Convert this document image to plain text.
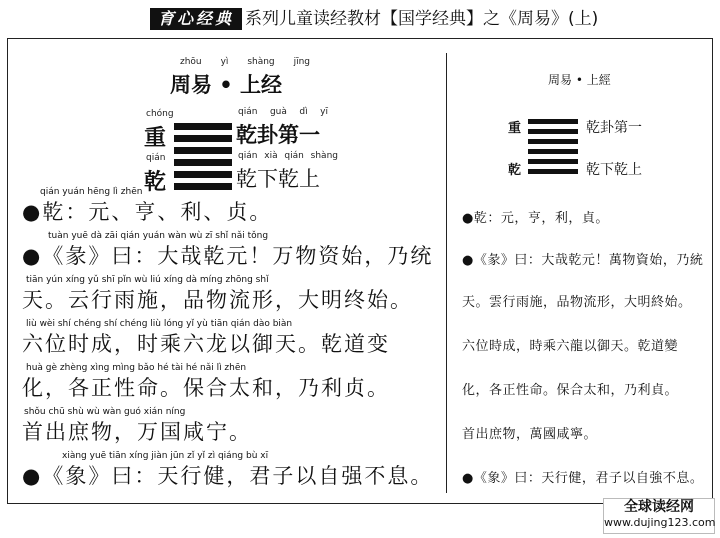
育心经典 系列儿童读经教材【国学经典】之《周易》(上)
zhōu yì shàng jīng
周易 • 上经
chóng
重
qián
乾
qián guà dì yī
乾卦第一
qián xià qián shàng
乾下乾上
qián yuán hēng lì zhēn
●乾：元、亨、利、贞。
tuàn yuē dà zāi qián yuán wàn wù zī shǐ nǎi tǒng
●《彖》曰：大哉乾元！万物资始，乃统
tiān yún xíng yǔ shī pǐn wù liú xíng dà míng zhōng shǐ
天。云行雨施，品物流形，大明终始。
liù wèi shí chéng shí chéng liù lóng yǐ yù tiān qián dào biàn
六位时成，时乘六龙以御天。乾道变
huà gè zhèng xìng mìng bǎo hé tài hé nǎi lì zhēn
化，各正性命。保合太和，乃利贞。
shǒu chū shù wù wàn guó xián níng
首出庶物，万国咸宁。
xiàng yuē tiān xíng jiàn jūn zǐ yǐ zì qiáng bù xī
●《象》曰：天行健，君子以自强不息。
周易 • 上經
重
乾
乾卦第一
乾下乾上
●乾：元，亨，利，貞。
●《彖》曰：大哉乾元！萬物資始，乃統
天。雲行雨施，品物流形，大明終始。
六位時成，時乘六龍以御天。乾道變
化，各正性命。保合太和，乃利貞。
首出庶物，萬國咸寧。
●《象》曰：天行健，君子以自強不息。
全球读经网
www.dujing123.com
